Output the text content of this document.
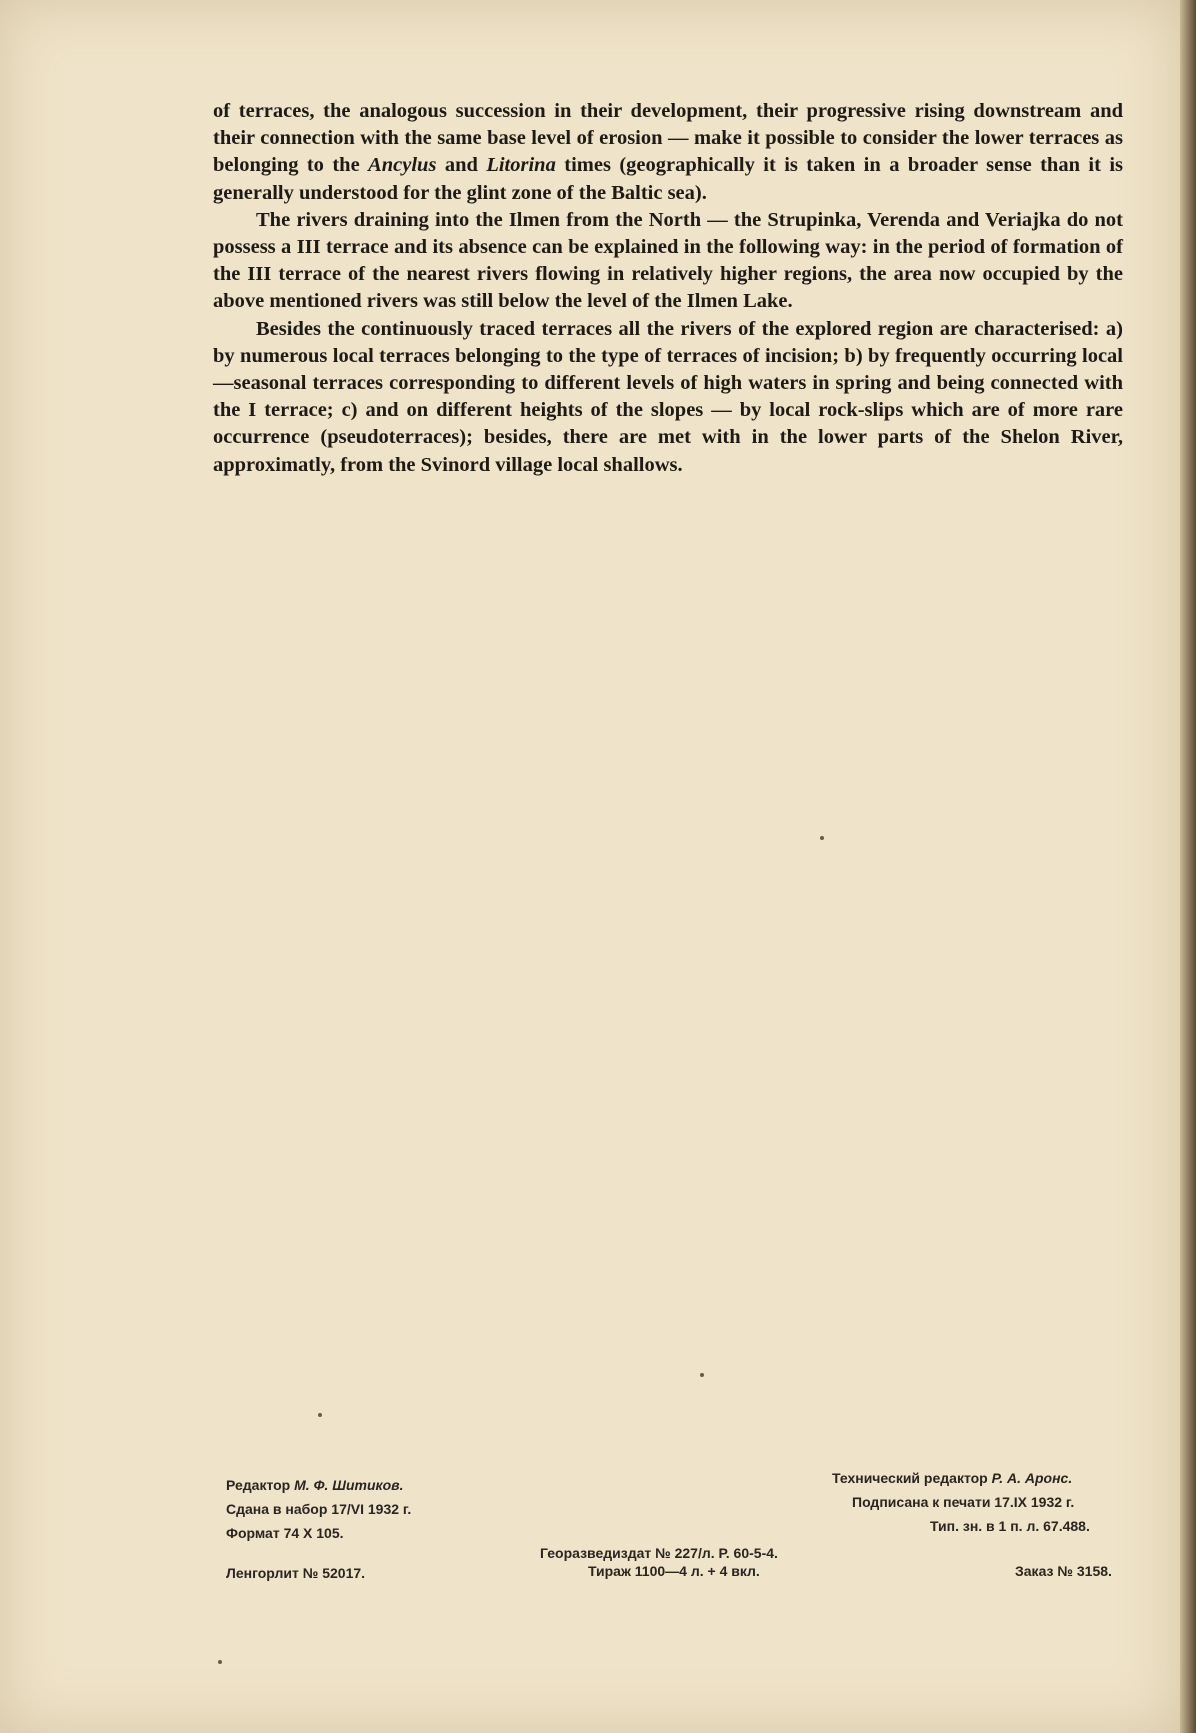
of terraces, the analogous succession in their development, their progressive rising downstream and their connection with the same base level of erosion — make it possible to consider the lower terraces as belonging to the Ancylus and Litorina times (geographically it is taken in a broader sense than it is generally understood for the glint zone of the Baltic sea).

The rivers draining into the Ilmen from the North — the Strupinka, Verenda and Veriajka do not possess a III terrace and its absence can be explained in the following way: in the period of formation of the III terrace of the nearest rivers flowing in relatively higher regions, the area now occupied by the above mentioned rivers was still below the level of the Ilmen Lake.

Besides the continuously traced terraces all the rivers of the explored region are characterised: a) by numerous local terraces belonging to the type of terraces of incision; b) by frequently occurring local—seasonal terraces corresponding to different levels of high waters in spring and being connected with the I terrace; c) and on different heights of the slopes — by local rock-slips which are of more rare occurrence (pseudoterraces); besides, there are met with in the lower parts of the Shelon River, approximatly, from the Svinord village local shallows.

Редактор М. Ф. Шитиков.
Сдана в набор 17/VI 1932 г.
Формат 74 X 105.
Ленгорлит № 52017.
Технический редактор Р. А. Аронс.
Подписана к печати 17.IX 1932 г.
Тип. зн. в 1 п. л. 67.488.
Георазведиздат № 227/л. Р. 60-5-4.
Тираж 1100—4 л. + 4 вкл.	Заказ № 3158.
